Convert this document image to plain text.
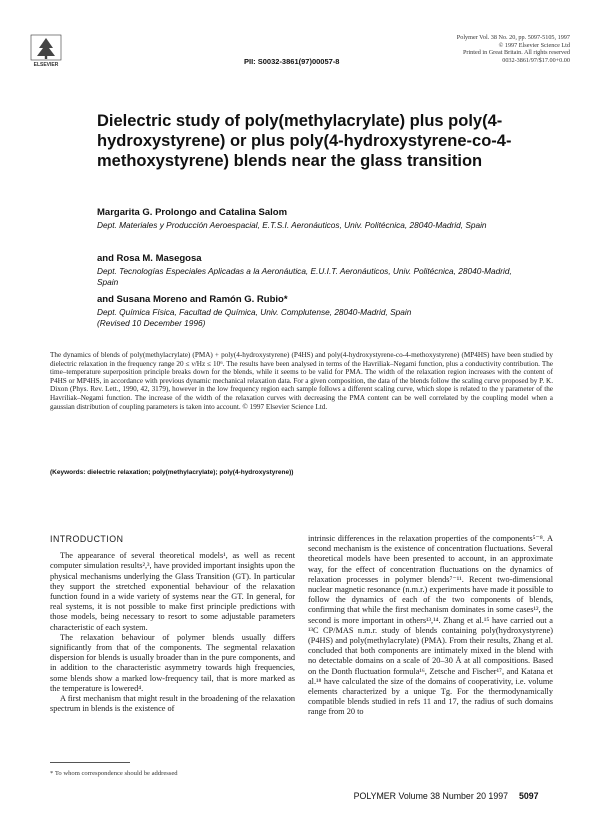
ELSEVIER
Polymer Vol. 38 No. 20, pp. 5097-5105, 1997
© 1997 Elsevier Science Ltd
Printed in Great Britain. All rights reserved
0032-3861/97/$17.00+0.00
PII: S0032-3861(97)00057-8
Dielectric study of poly(methylacrylate) plus poly(4-hydroxystyrene) or plus poly(4-hydroxystyrene-co-4-methoxystyrene) blends near the glass transition
Margarita G. Prolongo and Catalina Salom
Dept. Materiales y Producción Aeroespacial, E.T.S.I. Aeronáuticos, Univ. Politécnica, 28040-Madrid, Spain
and Rosa M. Masegosa
Dept. Tecnologías Especiales Aplicadas a la Aeronáutica, E.U.I.T. Aeronáuticos, Univ. Politécnica, 28040-Madrid, Spain
and Susana Moreno and Ramón G. Rubio*
Dept. Química Física, Facultad de Química, Univ. Complutense, 28040-Madrid, Spain
(Revised 10 December 1996)

The dynamics of blends of poly(methylacrylate) (PMA) + poly(4-hydroxystyrene) (P4HS) and poly(4-hydroxystyrene-co-4-methoxystyrene) (MP4HS) have been studied by dielectric relaxation in the frequency range 20 ≤ ν/Hz ≤ 10⁶. The results have been analysed in terms of the Havriliak–Negami function, plus a conductivity contribution. The time–temperature superposition principle breaks down for the blends, while it seems to be valid for PMA. The width of the relaxation region increases with the content of P4HS or MP4HS, in accordance with previous dynamic mechanical relaxation data. For a given composition, the data of the blends follow the scaling curve proposed by P. K. Dixon (Phys. Rev. Lett., 1990, 42, 3179), however in the low frequency region each sample follows a different scaling curve, which slope is related to the γ parameter of the Havriliak–Negami function. The increase of the width of the relaxation curves with decreasing the PMA content can be well correlated by the coupling model when a gaussian distribution of coupling parameters is taken into account. © 1997 Elsevier Science Ltd.

(Keywords: dielectric relaxation; poly(methylacrylate); poly(4-hydroxystyrene))
INTRODUCTION

The appearance of several theoretical models¹, as well as recent computer simulation results²,³, have provided important insights upon the physical mechanisms underlying the Glass Transition (GT). In particular they support the stretched exponential behaviour of the relaxation function found in a wide variety of systems near the GT. In general, for real systems, it is not possible to make first principle predictions with those models, being necessary to resort to some adjustable parameters characteristic of each system.

The relaxation behaviour of polymer blends usually differs significantly from that of the components. The segmental relaxation dispersion for blends is usually broader than in the pure components, and in addition to the characteristic asymmetry towards high frequencies, some blends show a marked low-frequency tail, that is more marked as the temperature is lowered⁴.

A first mechanism that might result in the broadening of the relaxation spectrum in blends is the existence of

intrinsic differences in the relaxation properties of the components⁵⁻⁸. A second mechanism is the existence of concentration fluctuations. Several theoretical models have been presented to account, in an approximate way, for the effect of concentration fluctuations on the dynamics of relaxation processes in polymer blends⁷⁻¹¹. Recent two-dimensional nuclear magnetic resonance (n.m.r.) experiments have made it possible to follow the dynamics of each of the two components of blends, confirming that while the first mechanism dominates in some cases¹², the second is more important in others¹³,¹⁴. Zhang et al.¹⁵ have carried out a ¹³C CP/MAS n.m.r. study of blends containing poly(hydroxystyrene) (P4HS) and poly(methylacrylate) (PMA). From their results, Zhang et al. concluded that both components are intimately mixed in the blend with no detectable domains on a scale of 20–30 Å at all compositions. Based on the Donth fluctuation formula¹⁶, Zetsche and Fischer¹⁷, and Katana et al.¹⁸ have calculated the size of the domains of cooperativity, i.e. volume elements characterized by a unique Tg. For the thermodynamically compatible blends studied in refs 11 and 17, the radius of such domains range from 20 to

* To whom correspondence should be addressed
POLYMER Volume 38 Number 20 1997 5097
